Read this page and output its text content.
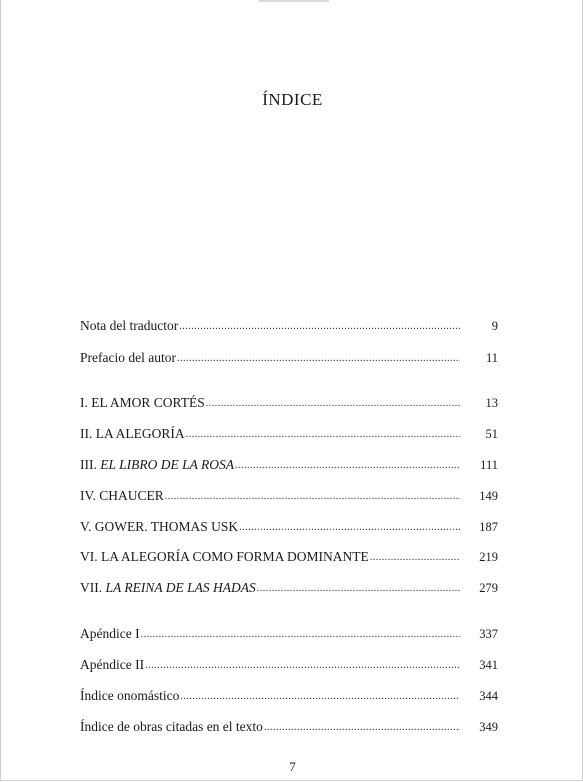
ÍNDICE
Nota del traductor .....	9
Prefacio del autor .....	11
I. EL AMOR CORTÉS .....	13
II. LA ALEGORÍA .....	51
III. EL LIBRO DE LA ROSA .....	111
IV. CHAUCER .....	149
V. GOWER. THOMAS USK .....	187
VI. LA ALEGORÍA COMO FORMA DOMINANTE .....	219
VII. LA REINA DE LAS HADAS .....	279
Apéndice I .....	337
Apéndice II .....	341
Índice onomástico .....	344
Índice de obras citadas en el texto .....	349
7
